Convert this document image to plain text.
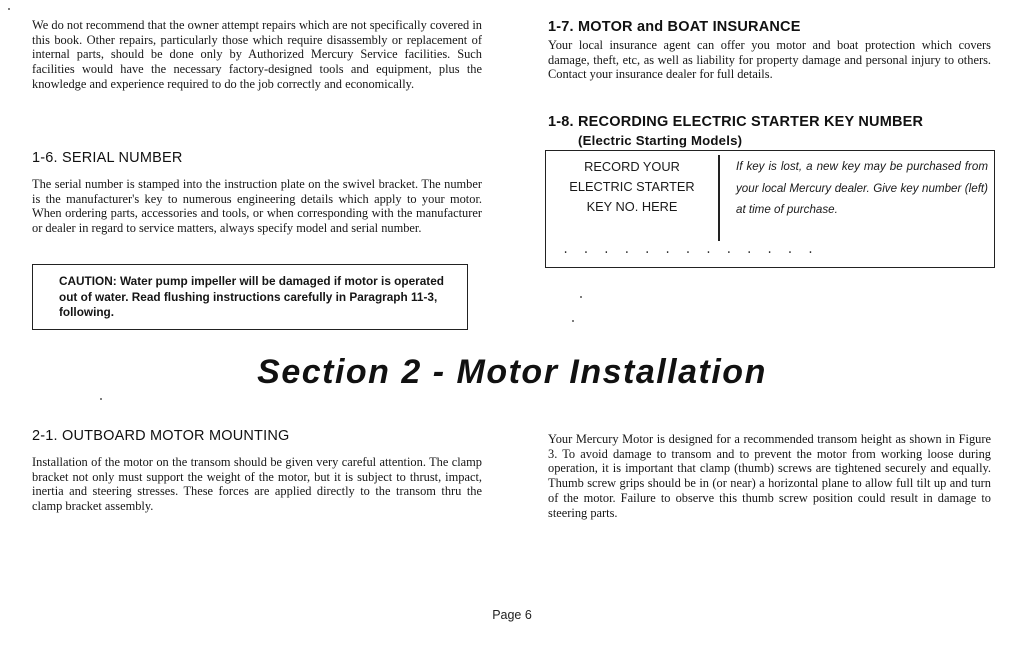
We do not recommend that the owner attempt repairs which are not specifically covered in this book. Other repairs, particularly those which require disassembly or replacement of internal parts, should be done only by Authorized Mercury Service facilities. Such facilities would have the necessary factory-designed tools and equipment, plus the knowledge and experience required to do the job correctly and economically.

1-6. SERIAL NUMBER

The serial number is stamped into the instruction plate on the swivel bracket. The number is the manufacturer's key to numerous engineering details which apply to your motor. When ordering parts, accessories and tools, or when corresponding with the manufacturer or dealer in regard to service matters, always specify model and serial number.

CAUTION: Water pump impeller will be damaged if motor is operated out of water. Read flushing instructions carefully in Paragraph 11-3, following.
1-7. MOTOR and BOAT INSURANCE

Your local insurance agent can offer you motor and boat protection which covers damage, theft, etc, as well as liability for property damage and personal injury to others. Contact your insurance dealer for full details.

1-8. RECORDING ELECTRIC STARTER KEY NUMBER
(Electric Starting Models)
RECORD YOUR
ELECTRIC STARTER
KEY NO. HERE

If key is lost, a new key may be purchased from your local Mercury dealer. Give key number (left) at time of purchase.

. . . . . . . . . . . . .
Section 2 - Motor Installation
2-1. OUTBOARD MOTOR MOUNTING

Installation of the motor on the transom should be given very careful attention. The clamp bracket not only must support the weight of the motor, but it is subject to thrust, impact, inertia and steering stresses. These forces are applied directly to the transom thru the clamp bracket assembly.

Your Mercury Motor is designed for a recommended transom height as shown in Figure 3. To avoid damage to transom and to prevent the motor from working loose during operation, it is important that clamp (thumb) screws are tightened securely and equally. Thumb screw grips should be in (or near) a horizontal plane to allow full tilt up and turn of the motor. Failure to observe this thumb screw position could result in damage to steering parts.

Page 6
